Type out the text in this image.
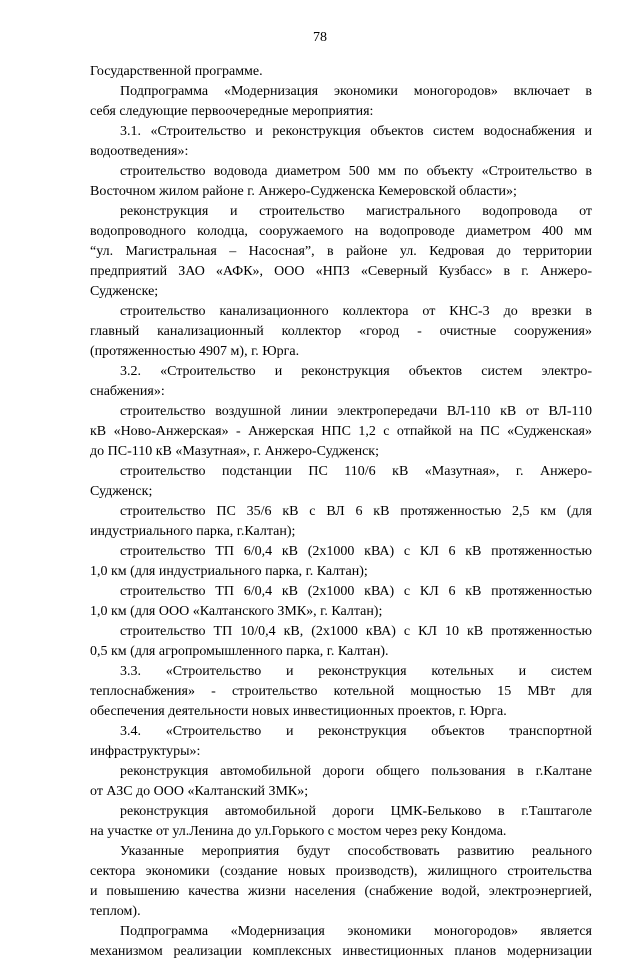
78
Государственной программе.
Подпрограмма «Модернизация экономики моногородов» включает в
себя следующие первоочередные мероприятия:
3.1. «Строительство и реконструкция объектов систем водоснабжения и
водоотведения»:
строительство водовода диаметром 500 мм по объекту «Строительство в
Восточном жилом районе г. Анжеро-Судженска Кемеровской области»;
реконструкция и строительство магистрального водопровода от
водопроводного колодца, сооружаемого на водопроводе диаметром 400 мм
“ул. Магистральная – Насосная”, в районе ул. Кедровая до территории
предприятий ЗАО «АФК», ООО «НПЗ «Северный Кузбасс» в г. Анжеро-
Судженске;
строительство канализационного коллектора от КНС-3 до врезки в
главный канализационный коллектор «город - очистные сооружения»
(протяженностью 4907 м), г. Юрга.
3.2. «Строительство и реконструкция объектов систем электро-
снабжения»:
строительство воздушной линии электропередачи ВЛ-110 кВ от ВЛ-110
кВ «Ново-Анжерская» - Анжерская НПС 1,2 с отпайкой на ПС «Судженская»
до ПС-110 кВ «Мазутная», г. Анжеро-Судженск;
строительство подстанции ПС 110/6 кВ «Мазутная», г. Анжеро-
Судженск;
строительство ПС 35/6 кВ с ВЛ 6 кВ протяженностью 2,5 км (для
индустриального парка, г.Калтан);
строительство ТП 6/0,4 кВ (2х1000 кВА) с КЛ 6 кВ протяженностью
1,0 км (для индустриального парка, г. Калтан);
строительство ТП 6/0,4 кВ (2х1000 кВА) с КЛ 6 кВ протяженностью
1,0 км (для ООО «Калтанского ЗМК», г. Калтан);
строительство ТП 10/0,4 кВ, (2х1000 кВА) с КЛ 10 кВ протяженностью
0,5 км (для агропромышленного парка, г. Калтан).
3.3. «Строительство и реконструкция котельных и систем
теплоснабжения» - строительство котельной мощностью 15 МВт для
обеспечения деятельности новых инвестиционных проектов, г. Юрга.
3.4. «Строительство и реконструкция объектов транспортной
инфраструктуры»:
реконструкция автомобильной дороги общего пользования в г.Калтане
от АЗС до ООО «Калтанский ЗМК»;
реконструкция автомобильной дороги ЦМК-Бельково в г.Таштаголе
на участке от ул.Ленина до ул.Горького с мостом через реку Кондома.
Указанные мероприятия будут способствовать развитию реального
сектора экономики (создание новых производств), жилищного строительства
и повышению качества жизни населения (снабжение водой, электроэнергией,
теплом).
Подпрограмма «Модернизация экономики моногородов» является
механизмом реализации комплексных инвестиционных планов модернизации
